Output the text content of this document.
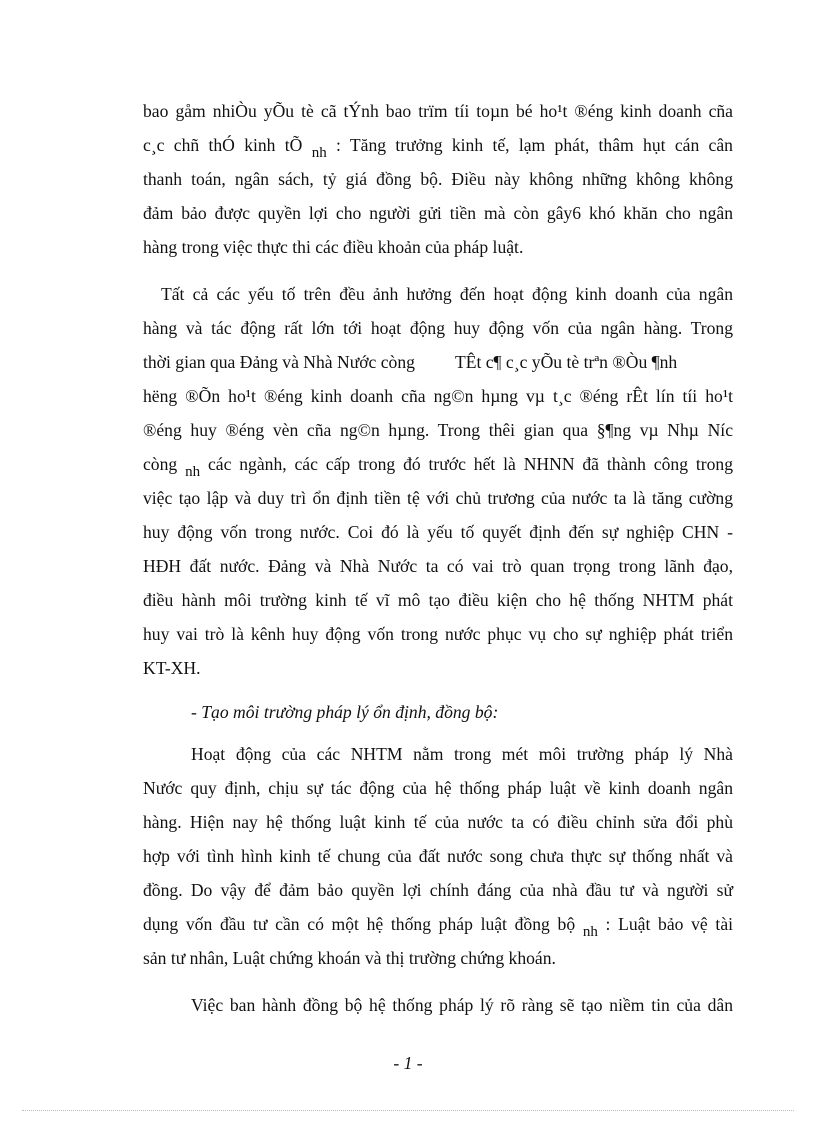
bao gåm nhiÒu yÕu tè cã tÝnh bao trïm tíi toµn bé ho¹t ®éng kinh doanh cña
c¸c chñ thÓ kinh tÕ nh : Tăng trưởng kinh tế, lạm phát, thâm hụt cán cân
thanh toán, ngân sách, tỷ giá đồng bộ. Điều này không những không không
đảm bảo được quyền lợi cho người gửi tiền mà còn gây6 khó khăn cho ngân
hàng trong việc thực thi các điều khoản của pháp luật.
Tất cả các yếu tố trên đều ảnh hưởng đến hoạt động kinh doanh của ngân
hàng và tác động rất lớn tới hoạt động huy động vốn của ngân hàng. Trong
thời gian qua Đảng và Nhà Nước còng TÊt c¶ c¸c yÕu tè trªn ®Òu ¶nh
hëng ®Õn ho¹t ®éng kinh doanh cña ng©n hµng vµ t¸c ®éng rÊt lín tíi ho¹t
®éng huy ®éng vèn cña ng©n hµng. Trong thêi gian qua §¶ng vµ Nhµ Níc
còng nh các ngành, các cấp trong đó trước hết là NHNN đã thành công trong
việc tạo lập và duy trì ổn định tiền tệ với chủ trương của nước ta là tăng cường
huy động vốn trong nước. Coi đó là yếu tố quyết định đến sự nghiệp CHN -
HĐH đất nước. Đảng và Nhà Nước ta có vai trò quan trọng trong lãnh đạo,
điều hành môi trường kinh tế vĩ mô tạo điều kiện cho hệ thống NHTM phát
huy vai trò là kênh huy động vốn trong nước phục vụ cho sự nghiệp phát triển
KT-XH.
- Tạo môi trường pháp lý ổn định, đồng bộ:
Hoạt động của các NHTM nằm trong mét môi trường pháp lý Nhà
Nước quy định, chịu sự tác động của hệ thống pháp luật về kinh doanh ngân
hàng. Hiện nay hệ thống luật kinh tế của nước ta có điều chỉnh sửa đổi phù
hợp với tình hình kinh tế chung của đất nước song chưa thực sự thống nhất và
đồng. Do vậy để đảm bảo quyền lợi chính đáng của nhà đầu tư và người sử
dụng vốn đầu tư cần có một hệ thống pháp luật đồng bộ nh : Luật bảo vệ tài
sản tư nhân, Luật chứng khoán và thị trường chứng khoán.
Việc ban hành đồng bộ hệ thống pháp lý rõ ràng sẽ tạo niềm tin của dân
- 1 -
